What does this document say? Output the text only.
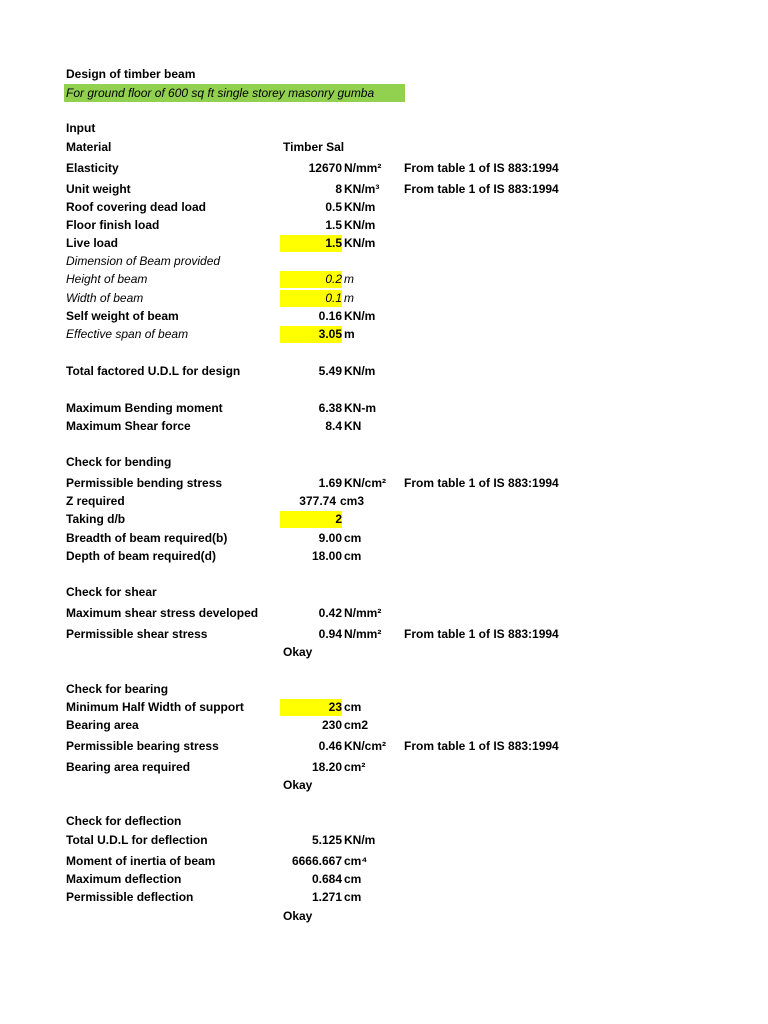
Design of timber beam
For ground floor of 600 sq ft single storey masonry gumba
Input
Material	Timber Sal
Elasticity	12670 N/mm² From table 1 of IS 883:1994
Unit weight	8 KN/m³ From table 1 of IS 883:1994
Roof covering dead load	0.5 KN/m
Floor finish load	1.5 KN/m
Live load	1.5 KN/m
Dimension of Beam provided
Height of beam	0.2 m
Width of beam	0.1 m
Self weight of beam	0.16 KN/m
Effective span of beam	3.05 m
Total factored U.D.L for design	5.49 KN/m
Maximum Bending moment	6.38 KN-m
Maximum Shear force	8.4 KN
Check for bending
Permissible bending stress	1.69 KN/cm² From table 1 of IS 883:1994
Z required	377.74 cm3
Taking d/b	2
Breadth of beam required(b)	9.00 cm
Depth of beam required(d)	18.00 cm
Check for shear
Maximum shear stress developed	0.42 N/mm²
Permissible shear stress	0.94 N/mm² From table 1 of IS 883:1994
Okay
Check for bearing
Minimum Half Width of support	23 cm
Bearing area	230 cm2
Permissible bearing stress	0.46 KN/cm² From table 1 of IS 883:1994
Bearing area required	18.20 cm²
Okay
Check for deflection
Total U.D.L for deflection	5.125 KN/m
Moment of inertia of beam	6666.667 cm⁴
Maximum deflection	0.684 cm
Permissible deflection	1.271 cm
Okay
